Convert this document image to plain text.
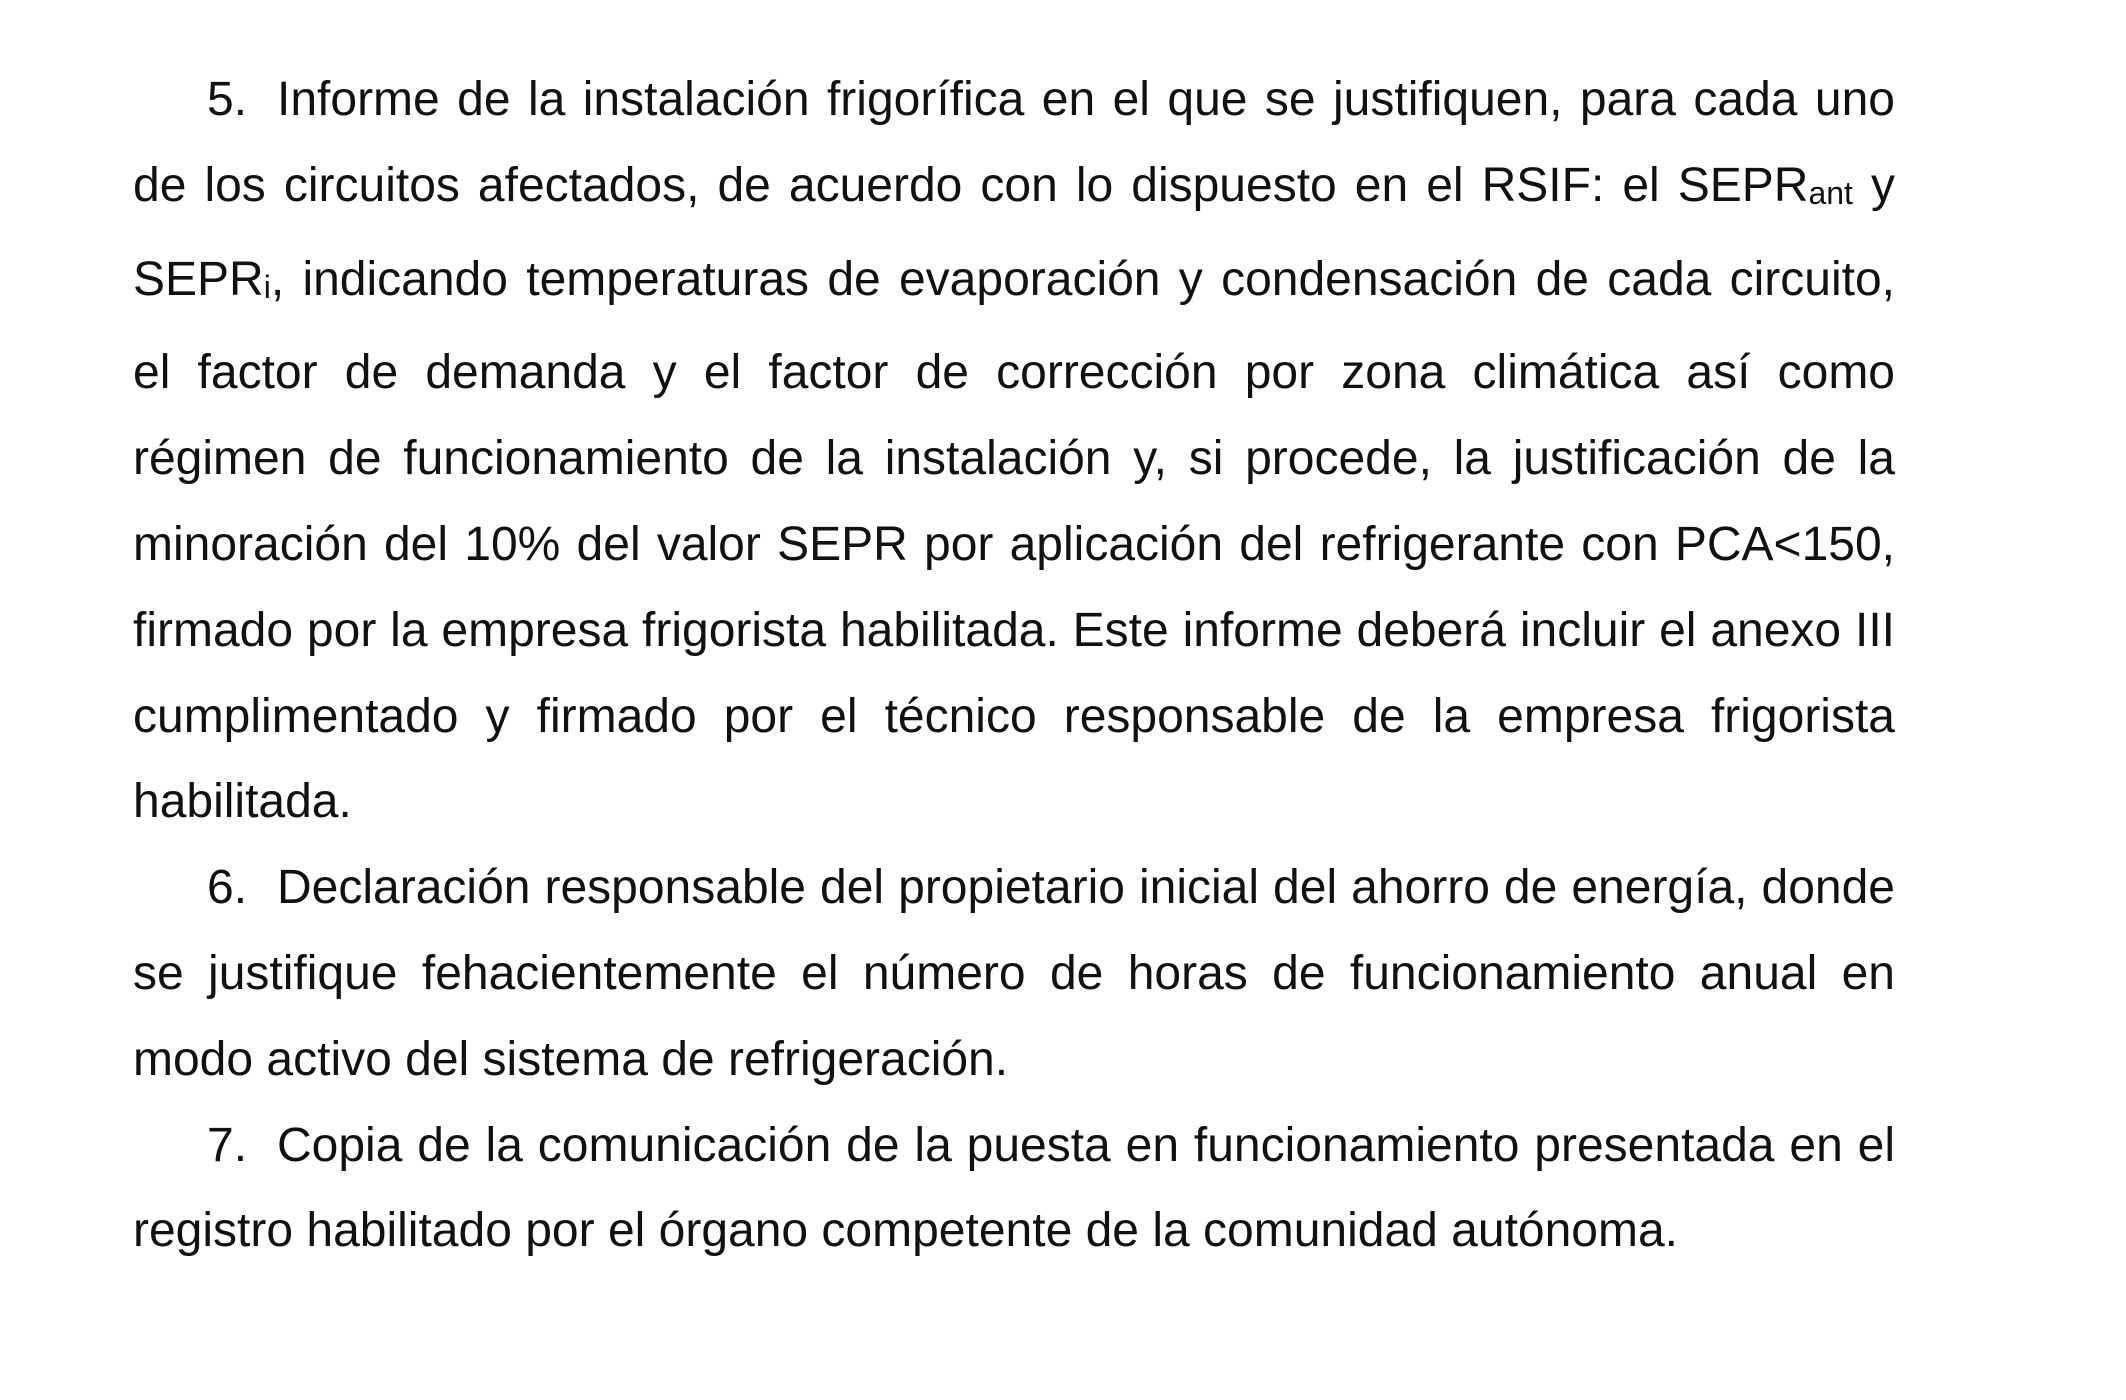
5. Informe de la instalación frigorífica en el que se justifiquen, para cada uno de los circuitos afectados, de acuerdo con lo dispuesto en el RSIF: el SEPRant y SEPRi, indicando temperaturas de evaporación y condensación de cada circuito, el factor de demanda y el factor de corrección por zona climática así como régimen de funcionamiento de la instalación y, si procede, la justificación de la minoración del 10% del valor SEPR por aplicación del refrigerante con PCA<150, firmado por la empresa frigorista habilitada. Este informe deberá incluir el anexo III cumplimentado y firmado por el técnico responsable de la empresa frigorista habilitada.

6. Declaración responsable del propietario inicial del ahorro de energía, donde se justifique fehacientemente el número de horas de funcionamiento anual en modo activo del sistema de refrigeración.

7. Copia de la comunicación de la puesta en funcionamiento presentada en el registro habilitado por el órgano competente de la comunidad autónoma.
